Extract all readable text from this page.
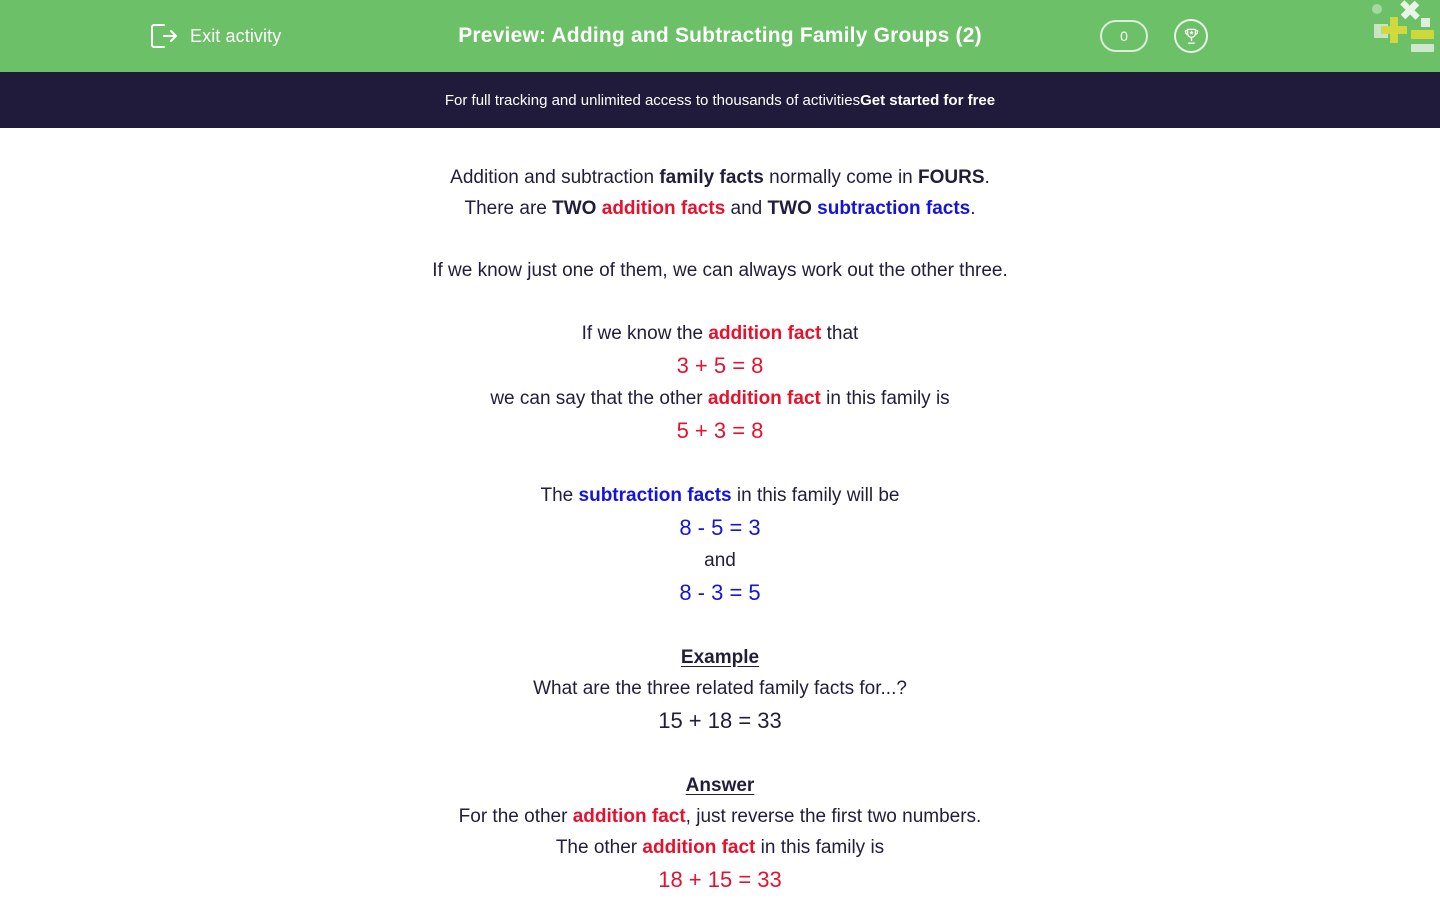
Exit activity	Preview: Adding and Subtracting Family Groups (2)	0
For full tracking and unlimited access to thousands of activities Get started for free
Addition and subtraction family facts normally come in FOURS.
There are TWO addition facts and TWO subtraction facts.
If we know just one of them, we can always work out the other three.
If we know the addition fact that
3 + 5 = 8
we can say that the other addition fact in this family is
5 + 3 = 8
The subtraction facts in this family will be
8 - 5 = 3
and
8 - 3 = 5
Example
What are the three related family facts for...?
15 + 18 = 33
Answer
For the other addition fact, just reverse the first two numbers.
The other addition fact in this family is
18 + 15 = 33
